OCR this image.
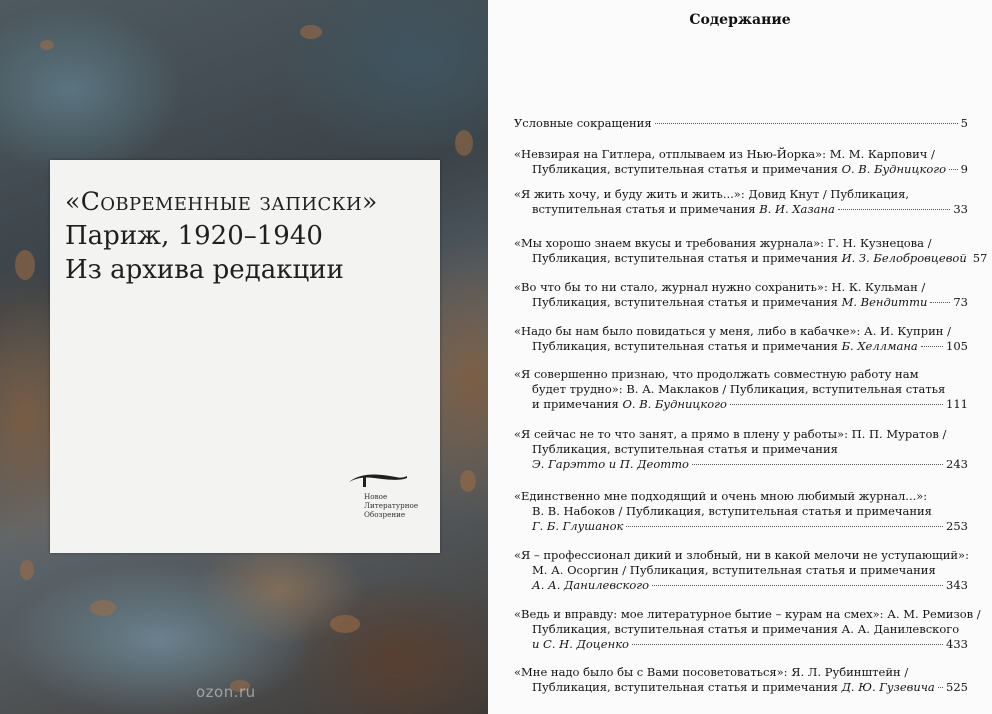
«Современные записки»
Париж, 1920–1940
Из архива редакции
Новое
Литературное
Обозрение
ozon.ru
Содержание
Условные сокращения	5
«Невзирая на Гитлера, отплываем из Нью-Йорка»: М. М. Карпович /
Публикация, вступительная статья и примечания О. В. Будницкого 9
«Я жить хочу, и буду жить и жить...»: Довид Кнут / Публикация,
вступительная статья и примечания В. И. Хазана	33
«Мы хорошо знаем вкусы и требования журнала»: Г. Н. Кузнецова /
Публикация, вступительная статья и примечания И. З. Белобровцевой 57
«Во что бы то ни стало, журнал нужно сохранить»: Н. К. Кульман /
Публикация, вступительная статья и примечания М. Вендитти 73
«Надо бы нам было повидаться у меня, либо в кабачке»: А. И. Куприн /
Публикация, вступительная статья и примечания Б. Хеллмана 105
«Я совершенно признаю, что продолжать совместную работу нам
будет трудно»: В. А. Маклаков / Публикация, вступительная статья
и примечания О. В. Будницкого	111
«Я сейчас не то что занят, а прямо в плену у работы»: П. П. Муратов /
Публикация, вступительная статья и примечания
Э. Гарэтто и П. Деотто	243
«Единственно мне подходящий и очень мною любимый журнал...»:
В. В. Набоков / Публикация, вступительная статья и примечания
Г. Б. Глушанок	253
«Я – профессионал дикий и злобный, ни в какой мелочи не уступающий»:
М. А. Осоргин / Публикация, вступительная статья и примечания
А. А. Данилевского	343
«Ведь и вправду: мое литературное бытие – курам на смех»: А. М. Ремизов /
Публикация, вступительная статья и примечания А. А. Данилевского
и С. Н. Доценко	433
«Мне надо было бы с Вами посоветоваться»: Я. Л. Рубинштейн /
Публикация, вступительная статья и примечания Д. Ю. Гузевича 525
